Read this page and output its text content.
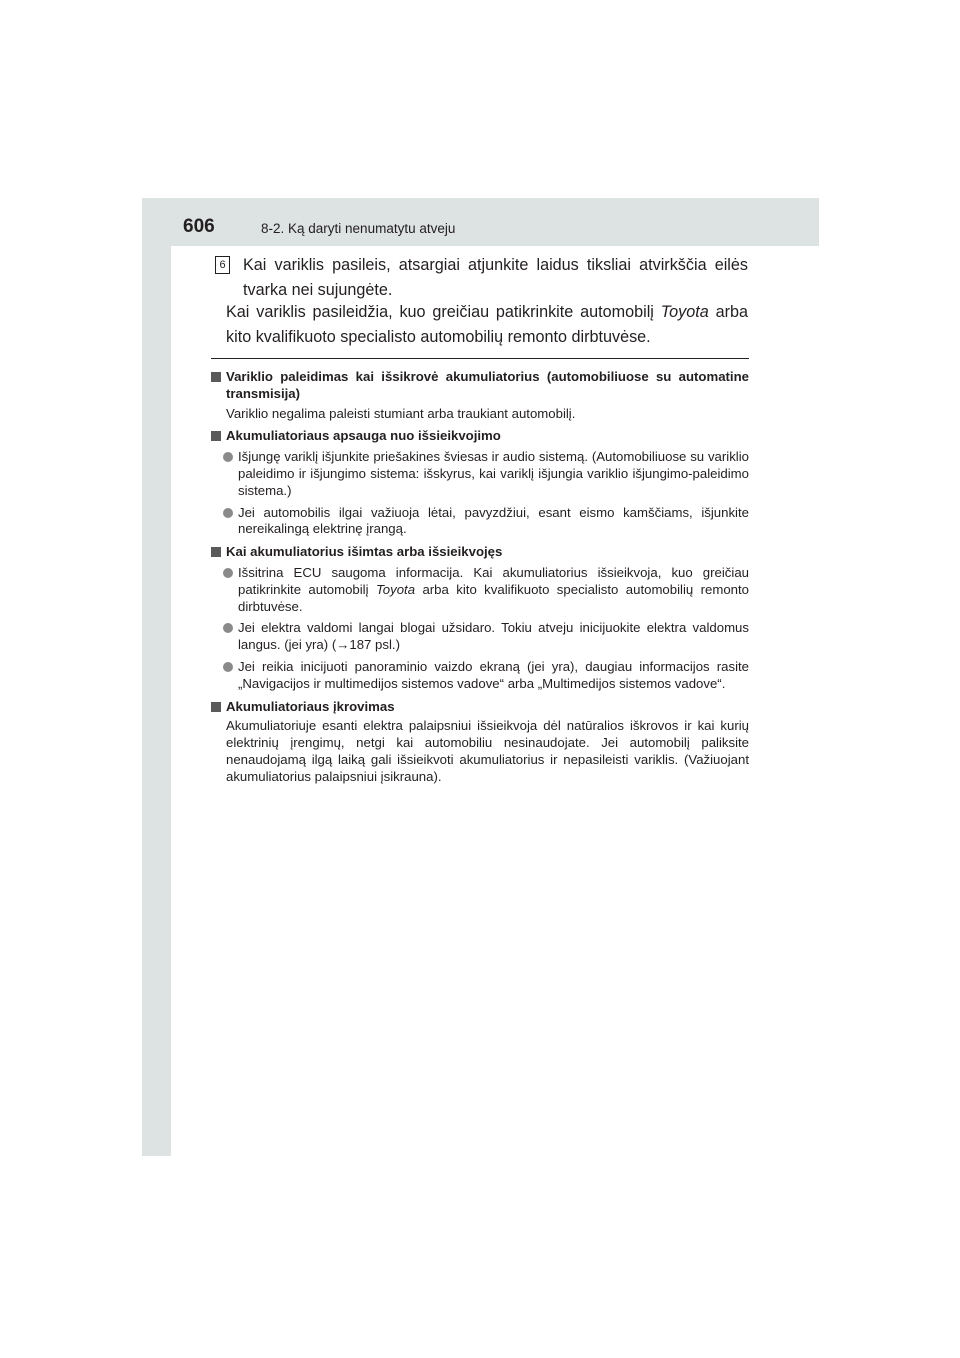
606	8-2. Ką daryti nenumatytu atveju
6 Kai variklis pasileis, atsargiai atjunkite laidus tiksliai atvirkščia eilės tvarka nei sujungėte.
Kai variklis pasileidžia, kuo greičiau patikrinkite automobilį Toyota arba kito kvalifikuoto specialisto automobilių remonto dirbtuvėse.
Variklio paleidimas kai išsikrovė akumuliatorius (automobiliuose su automatine transmisija)
Variklio negalima paleisti stumiant arba traukiant automobilį.
Akumuliatoriaus apsauga nuo išsieikvojimo
Išjungę variklį išjunkite priešakines šviesas ir audio sistemą. (Automobiliuose su variklio paleidimo ir išjungimo sistema: išskyrus, kai variklį išjungia variklio išjungimo-paleidimo sistema.)
Jei automobilis ilgai važiuoja lėtai, pavyzdžiui, esant eismo kamščiams, išjunkite nereikalingą elektrinę įrangą.
Kai akumuliatorius išimtas arba išsieikvojęs
Išsitrina ECU saugoma informacija. Kai akumuliatorius išsieikvoja, kuo greičiau patikrinkite automobilį Toyota arba kito kvalifikuoto specialisto automobilių remonto dirbtuvėse.
Jei elektra valdomi langai blogai užsidaro. Tokiu atveju inicijuokite elektra valdomus langus. (jei yra) (→187 psl.)
Jei reikia inicijuoti panoraminio vaizdo ekraną (jei yra), daugiau informacijos rasite „Navigacijos ir multimedijos sistemos vadove“ arba „Multimedijos sistemos vadove“.
Akumuliatoriaus įkrovimas
Akumuliatoriuje esanti elektra palaipsniui išsieikvoja dėl natūralios iškrovos ir kai kurių elektrinių įrengimų, netgi kai automobiliu nesinaudojate. Jei automobilį paliksite nenaudojamą ilgą laiką gali išsieikvoti akumuliatorius ir nepasileisti variklis. (Važiuojant akumuliatorius palaipsniui įsikrauna).
